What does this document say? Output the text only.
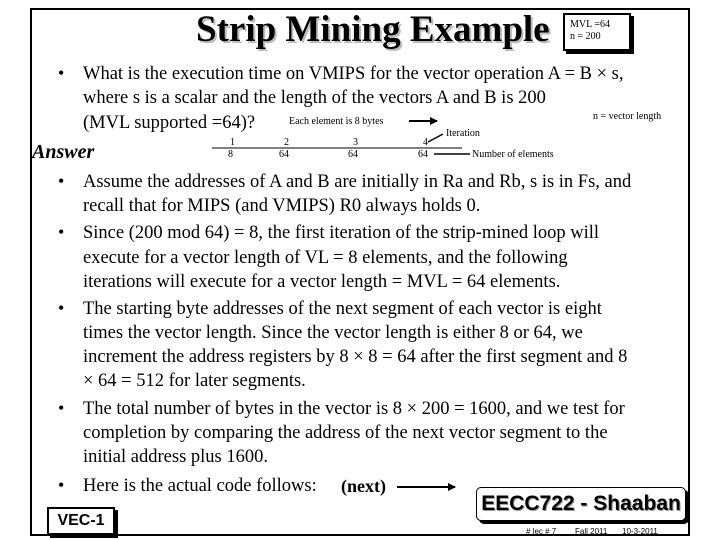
Strip Mining Example MVL =64
n = 200
• What is the execution time on VMIPS for the vector operation A = B × s,
where s is a scalar and the length of the vectors A and B is 200
(MVL supported =64)?	Each element is 8 bytes	n = vector length
Iteration
Number of elements
1
8
2
64
3
64
4
64
Answer
• Assume the addresses of A and B are initially in Ra and Rb, s is in Fs, and
recall that for MIPS (and VMIPS) R0 always holds 0.
• Since (200 mod 64) = 8, the first iteration of the strip-mined loop will
execute for a vector length of VL = 8 elements, and the following
iterations will execute for a vector length = MVL = 64 elements.
• The starting byte addresses of the next segment of each vector is eight
times the vector length. Since the vector length is either 8 or 64, we
increment the address registers by 8 × 8 = 64 after the first segment and 8
× 64 = 512 for later segments.
• The total number of bytes in the vector is 8 × 200 = 1600, and we test for
completion by comparing the address of the next vector segment to the
initial address plus 1600.
• Here is the actual code follows: (next)
VEC-1
EECC722 - Shaaban
# lec # 7 Fall 2011 10-3-2011
